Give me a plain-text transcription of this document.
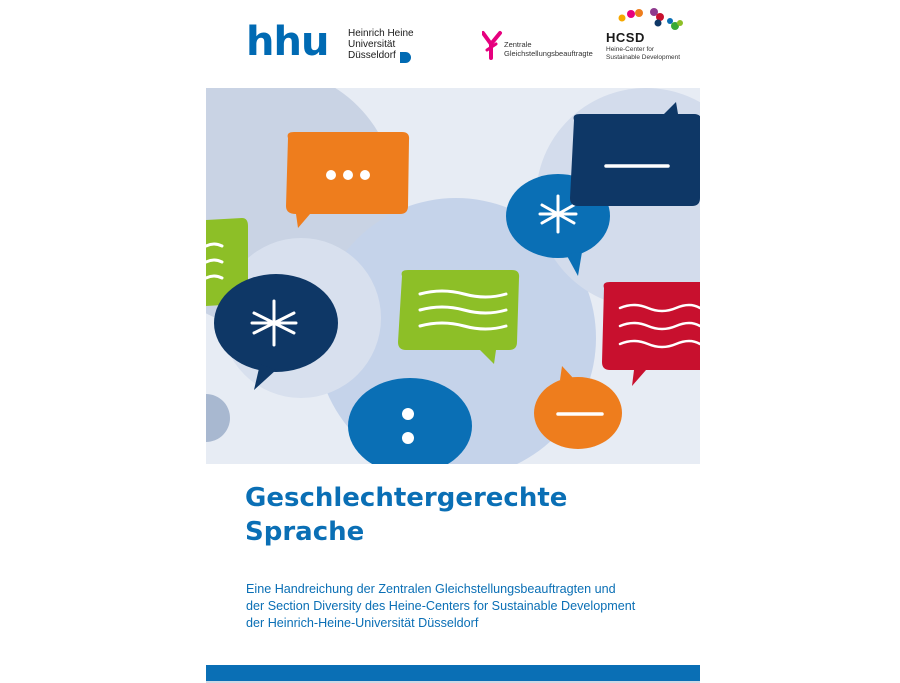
hhu Heinrich Heine
Universität
Düsseldorf
Zentrale
Gleichstellungsbeauftragte
HCSD
Heine-Center for
Sustainable Development
Geschlechtergerechte
Sprache
Eine Handreichung der Zentralen Gleichstellungsbeauftragten und
der Section Diversity des Heine-Centers for Sustainable Development
der Heinrich-Heine-Universität Düsseldorf
